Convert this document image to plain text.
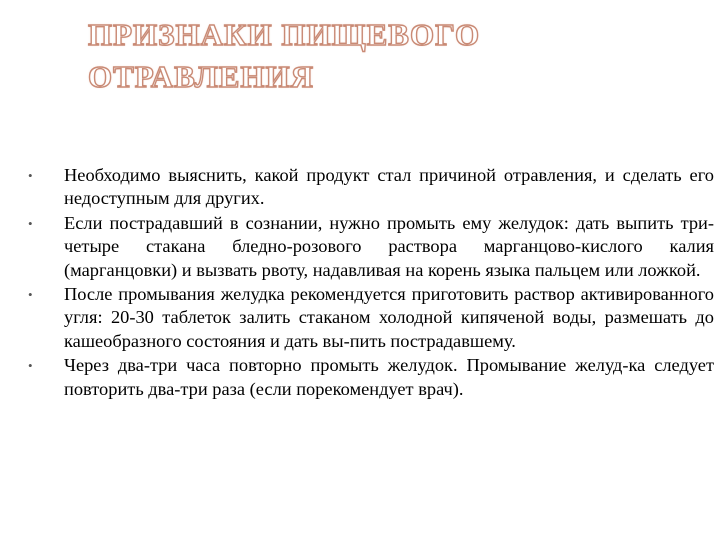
ПРИЗНАКИ ПИЩЕВОГО
ОТРАВЛЕНИЯ
• Необходимо выяснить, какой продукт стал причиной отравления, и сделать его недоступным для других.
• Если пострадавший в сознании, нужно промыть ему желудок: дать выпить три-четыре стакана бледно-розового раствора марганцово-кислого калия (марганцовки) и вызвать рвоту, надавливая на корень языка пальцем или ложкой.
• После промывания желудка рекомендуется приготовить раствор активированного угля: 20-30 таблеток залить стаканом холодной кипяченой воды, размешать до кашеобразного состояния и дать вы-пить пострадавшему.
• Через два-три часа повторно промыть желудок. Промывание желуд-ка следует повторить два-три раза (если порекомендует врач).
